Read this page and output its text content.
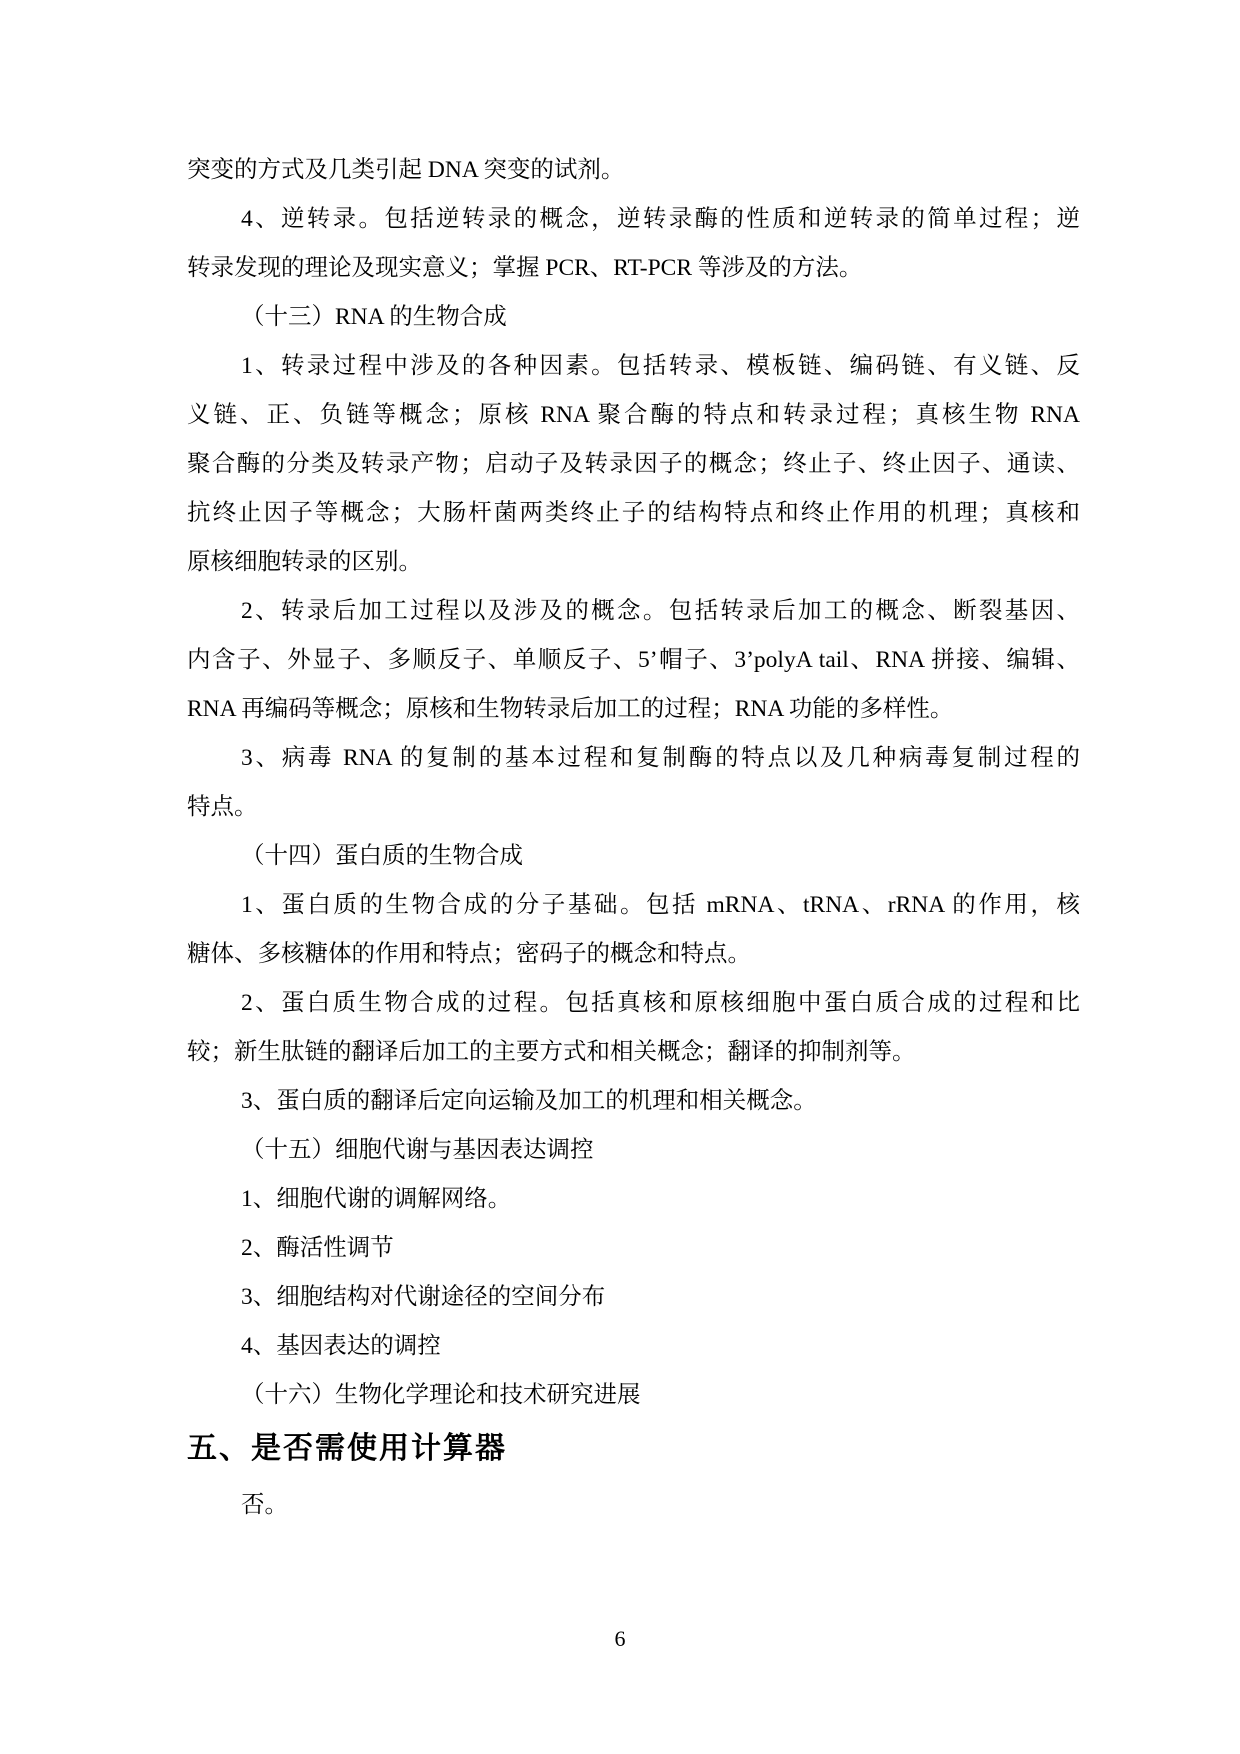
突变的方式及几类引起 DNA 突变的试剂。
4、逆转录。包括逆转录的概念，逆转录酶的性质和逆转录的简单过程；逆
转录发现的理论及现实意义；掌握 PCR、RT-PCR 等涉及的方法。
（十三）RNA 的生物合成
1、转录过程中涉及的各种因素。包括转录、模板链、编码链、有义链、反
义链、正、负链等概念；原核 RNA 聚合酶的特点和转录过程；真核生物 RNA
聚合酶的分类及转录产物；启动子及转录因子的概念；终止子、终止因子、通读、
抗终止因子等概念；大肠杆菌两类终止子的结构特点和终止作用的机理；真核和
原核细胞转录的区别。
2、转录后加工过程以及涉及的概念。包括转录后加工的概念、断裂基因、
内含子、外显子、多顺反子、单顺反子、5’帽子、3’polyA tail、RNA 拼接、编辑、
RNA 再编码等概念；原核和生物转录后加工的过程；RNA 功能的多样性。
3、病毒 RNA 的复制的基本过程和复制酶的特点以及几种病毒复制过程的
特点。
（十四）蛋白质的生物合成
1、蛋白质的生物合成的分子基础。包括 mRNA、tRNA、rRNA 的作用，核
糖体、多核糖体的作用和特点；密码子的概念和特点。
2、蛋白质生物合成的过程。包括真核和原核细胞中蛋白质合成的过程和比
较；新生肽链的翻译后加工的主要方式和相关概念；翻译的抑制剂等。
3、蛋白质的翻译后定向运输及加工的机理和相关概念。
（十五）细胞代谢与基因表达调控
1、细胞代谢的调解网络。
2、酶活性调节
3、细胞结构对代谢途径的空间分布
4、基因表达的调控
（十六）生物化学理论和技术研究进展
五、是否需使用计算器
否。
6
